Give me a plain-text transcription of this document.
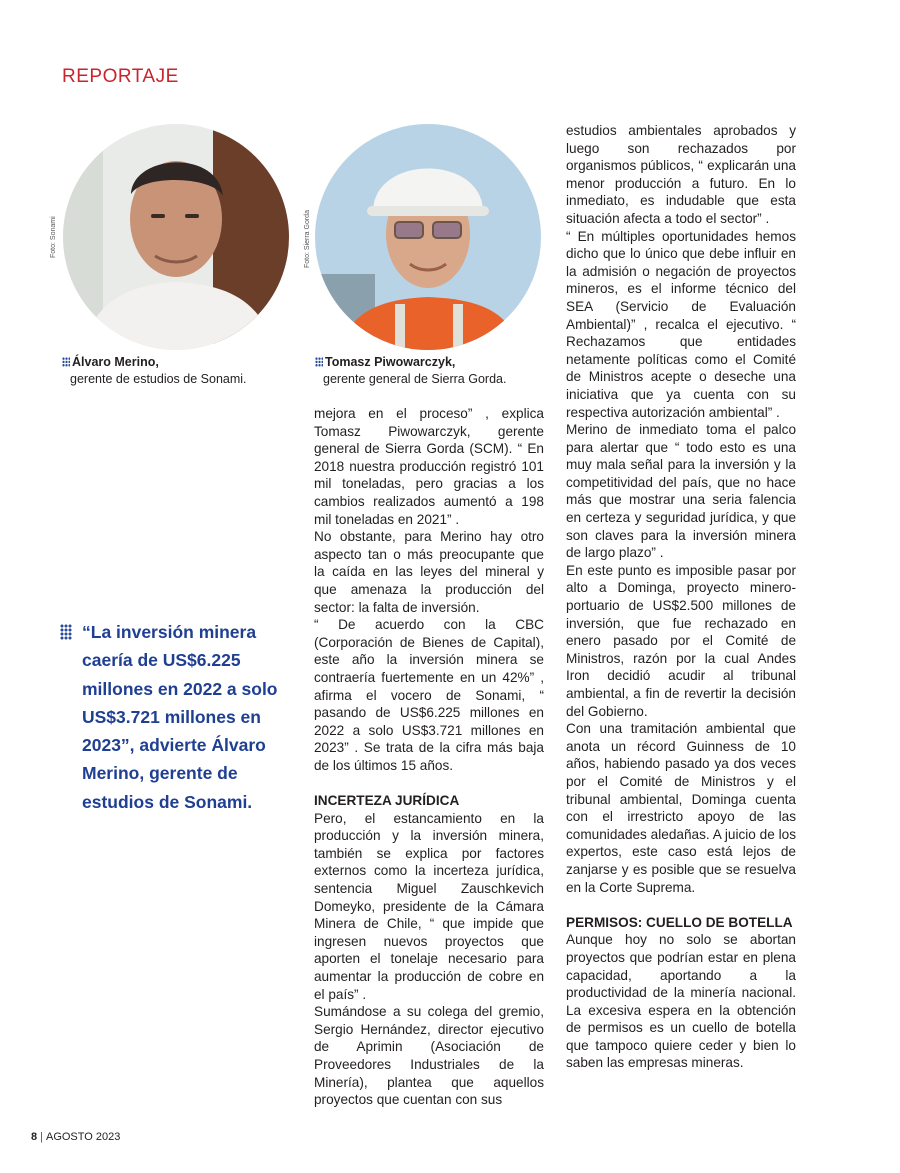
REPORTAJE
Foto: Sonami
Álvaro Merino,
gerente de estudios de Sonami.
Foto: Sierra Gorda
Tomasz Piwowarczyk,
gerente general de Sierra Gorda.

“La inversión minera caería de US$6.225 millones en 2022 a solo US$3.721 millones en 2023”, advierte Álvaro Merino, gerente de estudios de Sonami.

mejora en el proceso” , explica Tomasz Piwowarczyk, gerente general de Sierra Gorda (SCM). “ En 2018 nuestra producción registró 101 mil toneladas, pero gracias a los cambios realizados aumentó a 198 mil toneladas en 2021” .

No obstante, para Merino hay otro aspecto tan o más preocupante que la caída en las leyes del mineral y que amenaza la producción del sector: la falta de inversión.

“ De acuerdo con la CBC (Corporación de Bienes de Capital), este año la inversión minera se contraería fuertemente en un 42%” , afirma el vocero de Sonami, “ pasando de US$6.225 millones en 2022 a solo US$3.721 millones en 2023” . Se trata de la cifra más baja de los últimos 15 años.

INCERTEZA JURÍDICA

Pero, el estancamiento en la producción y la inversión minera, también se explica por factores externos como la incerteza jurídica, sentencia Miguel Zauschkevich Domeyko, presidente de la Cámara Minera de Chile, “ que impide que ingresen nuevos proyectos que aporten el tonelaje necesario para aumentar la producción de cobre en el país” .

Sumándose a su colega del gremio, Sergio Hernández, director ejecutivo de Aprimin (Asociación de Proveedores Industriales de la Minería), plantea que aquellos proyectos que cuentan con sus

estudios ambientales aprobados y luego son rechazados por organismos públicos, “ explicarán una menor producción a futuro. En lo inmediato, es indudable que esta situación afecta a todo el sector” .

“ En múltiples oportunidades hemos dicho que lo único que debe influir en la admisión o negación de proyectos mineros, es el informe técnico del SEA (Servicio de Evaluación Ambiental)” , recalca el ejecutivo. “ Rechazamos que entidades netamente políticas como el Comité de Ministros acepte o deseche una iniciativa que ya cuenta con su respectiva autorización ambiental” .

Merino de inmediato toma el palco para alertar que “ todo esto es una muy mala señal para la inversión y la competitividad del país, que no hace más que mostrar una seria falencia en certeza y seguridad jurídica, y que son claves para la inversión minera de largo plazo” .

En este punto es imposible pasar por alto a Dominga, proyecto minero-portuario de US$2.500 millones de inversión, que fue rechazado en enero pasado por el Comité de Ministros, razón por la cual Andes Iron decidió acudir al tribunal ambiental, a fin de revertir la decisión del Gobierno.

Con una tramitación ambiental que anota un récord Guinness de 10 años, habiendo pasado ya dos veces por el Comité de Ministros y el tribunal ambiental, Dominga cuenta con el irrestricto apoyo de las comunidades aledañas. A juicio de los expertos, este caso está lejos de zanjarse y es posible que se resuelva en la Corte Suprema.

PERMISOS: CUELLO DE BOTELLA

Aunque hoy no solo se abortan proyectos que podrían estar en plena capacidad, aportando a la productividad de la minería nacional. La excesiva espera en la obtención de permisos es un cuello de botella que tampoco quiere ceder y bien lo saben las empresas mineras.

8 | AGOSTO 2023
